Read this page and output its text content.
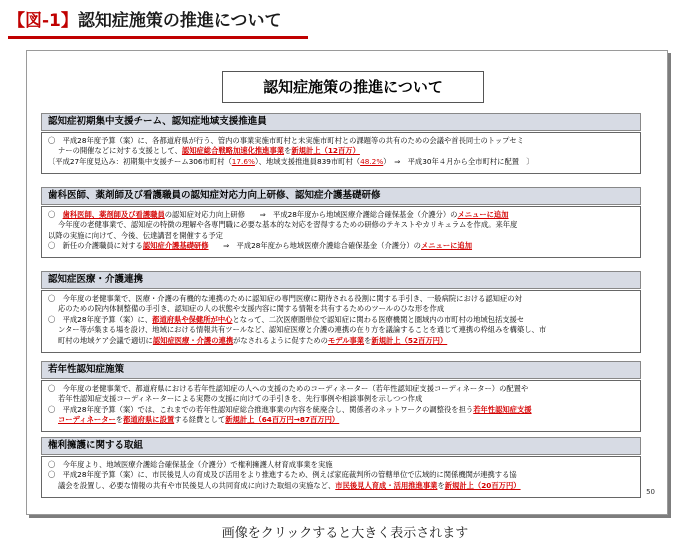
【図-1】認知症施策の推進について
認知症施策の推進について
認知症初期集中支援チーム、認知症地域支援推進員
〇　平成28年度予算（案）に、各都道府県が行う、管内の事業実施市町村と未実施市町村との課題等の共有のための会議や首長同士のトップセミ
ナーの開催などに対する支援として、認知症総合戦略加速化推進事業を新規計上（12百万）
〔平成27年度見込み：初期集中支援チーム306市町村（17.6%）、地域支援推進員839市町村（48.2%）　⇒　平成30年４月から全市町村に配置　〕
歯科医師、薬剤師及び看護職員の認知症対応力向上研修、認知症介護基礎研修
〇　歯科医師、薬剤師及び看護職員の認知症対応力向上研修　　⇒　平成28年度から地域医療介護総合確保基金（介護分）のメニューに追加
今年度の老健事業で、認知症の特徴の理解や各専門職に必要な基本的な対応を習得するための研修のテキストやカリキュラムを作成。来年度
以降の実施に向けて、今後、伝達講習を開催する予定
〇　新任の介護職員に対する認知症介護基礎研修　　⇒　平成28年度から地域医療介護総合確保基金（介護分）のメニューに追加
認知症医療・介護連携
〇　今年度の老健事業で、医療・介護の有機的な連携のために認知症の専門医療に期待される役割に関する手引き、一般病院における認知症の対
応のための院内体制整備の手引き、認知症の人の状態や支援内容に関する情報を共有するためのツールのひな形を作成
〇　平成28年度予算（案）に、都道府県や保健所が中心となって、二次医療圏単位で認知症に関わる医療機関と圏域内の市町村の地域包括支援セ
ンター等が集まる場を設け、地域における情報共有ツールなど、認知症医療と介護の連携の在り方を議論することを通じて連携の枠組みを構築し、市
町村の地域ケア会議で適切に認知症医療・介護の連携がなされるように促すためのモデル事業を新規計上（52百万円）
若年性認知症施策
〇　今年度の老健事業で、都道府県における若年性認知症の人への支援のためのコーディネーター（若年性認知症支援コーディネーター）の配置や
若年性認知症支援コーディネーターによる実際の支援に向けての手引きを、先行事例や相談事例を示しつつ作成
〇　平成28年度予算（案）では、これまでの若年性認知症総合推進事業の内容を統廃合し、関係者のネットワークの調整役を担う若年性認知症支援
コーディネーターを都道府県に設置する経費として新規計上（64百万円→87百万円）
権利擁護に関する取組
〇　今年度より、地域医療介護総合確保基金（介護分）で権利擁護人材育成事業を実施
〇　平成28年度予算（案）に、市民後見人の育成及び活用をより推進するため、例えば家庭裁判所の管轄単位で広域的に関係機関が連携する協
議会を設置し、必要な情報の共有や市民後見人の共同育成に向けた取組の実施など、市民後見人育成・活用推進事業を新規計上（20百万円）
50
画像をクリックすると大きく表示されます
